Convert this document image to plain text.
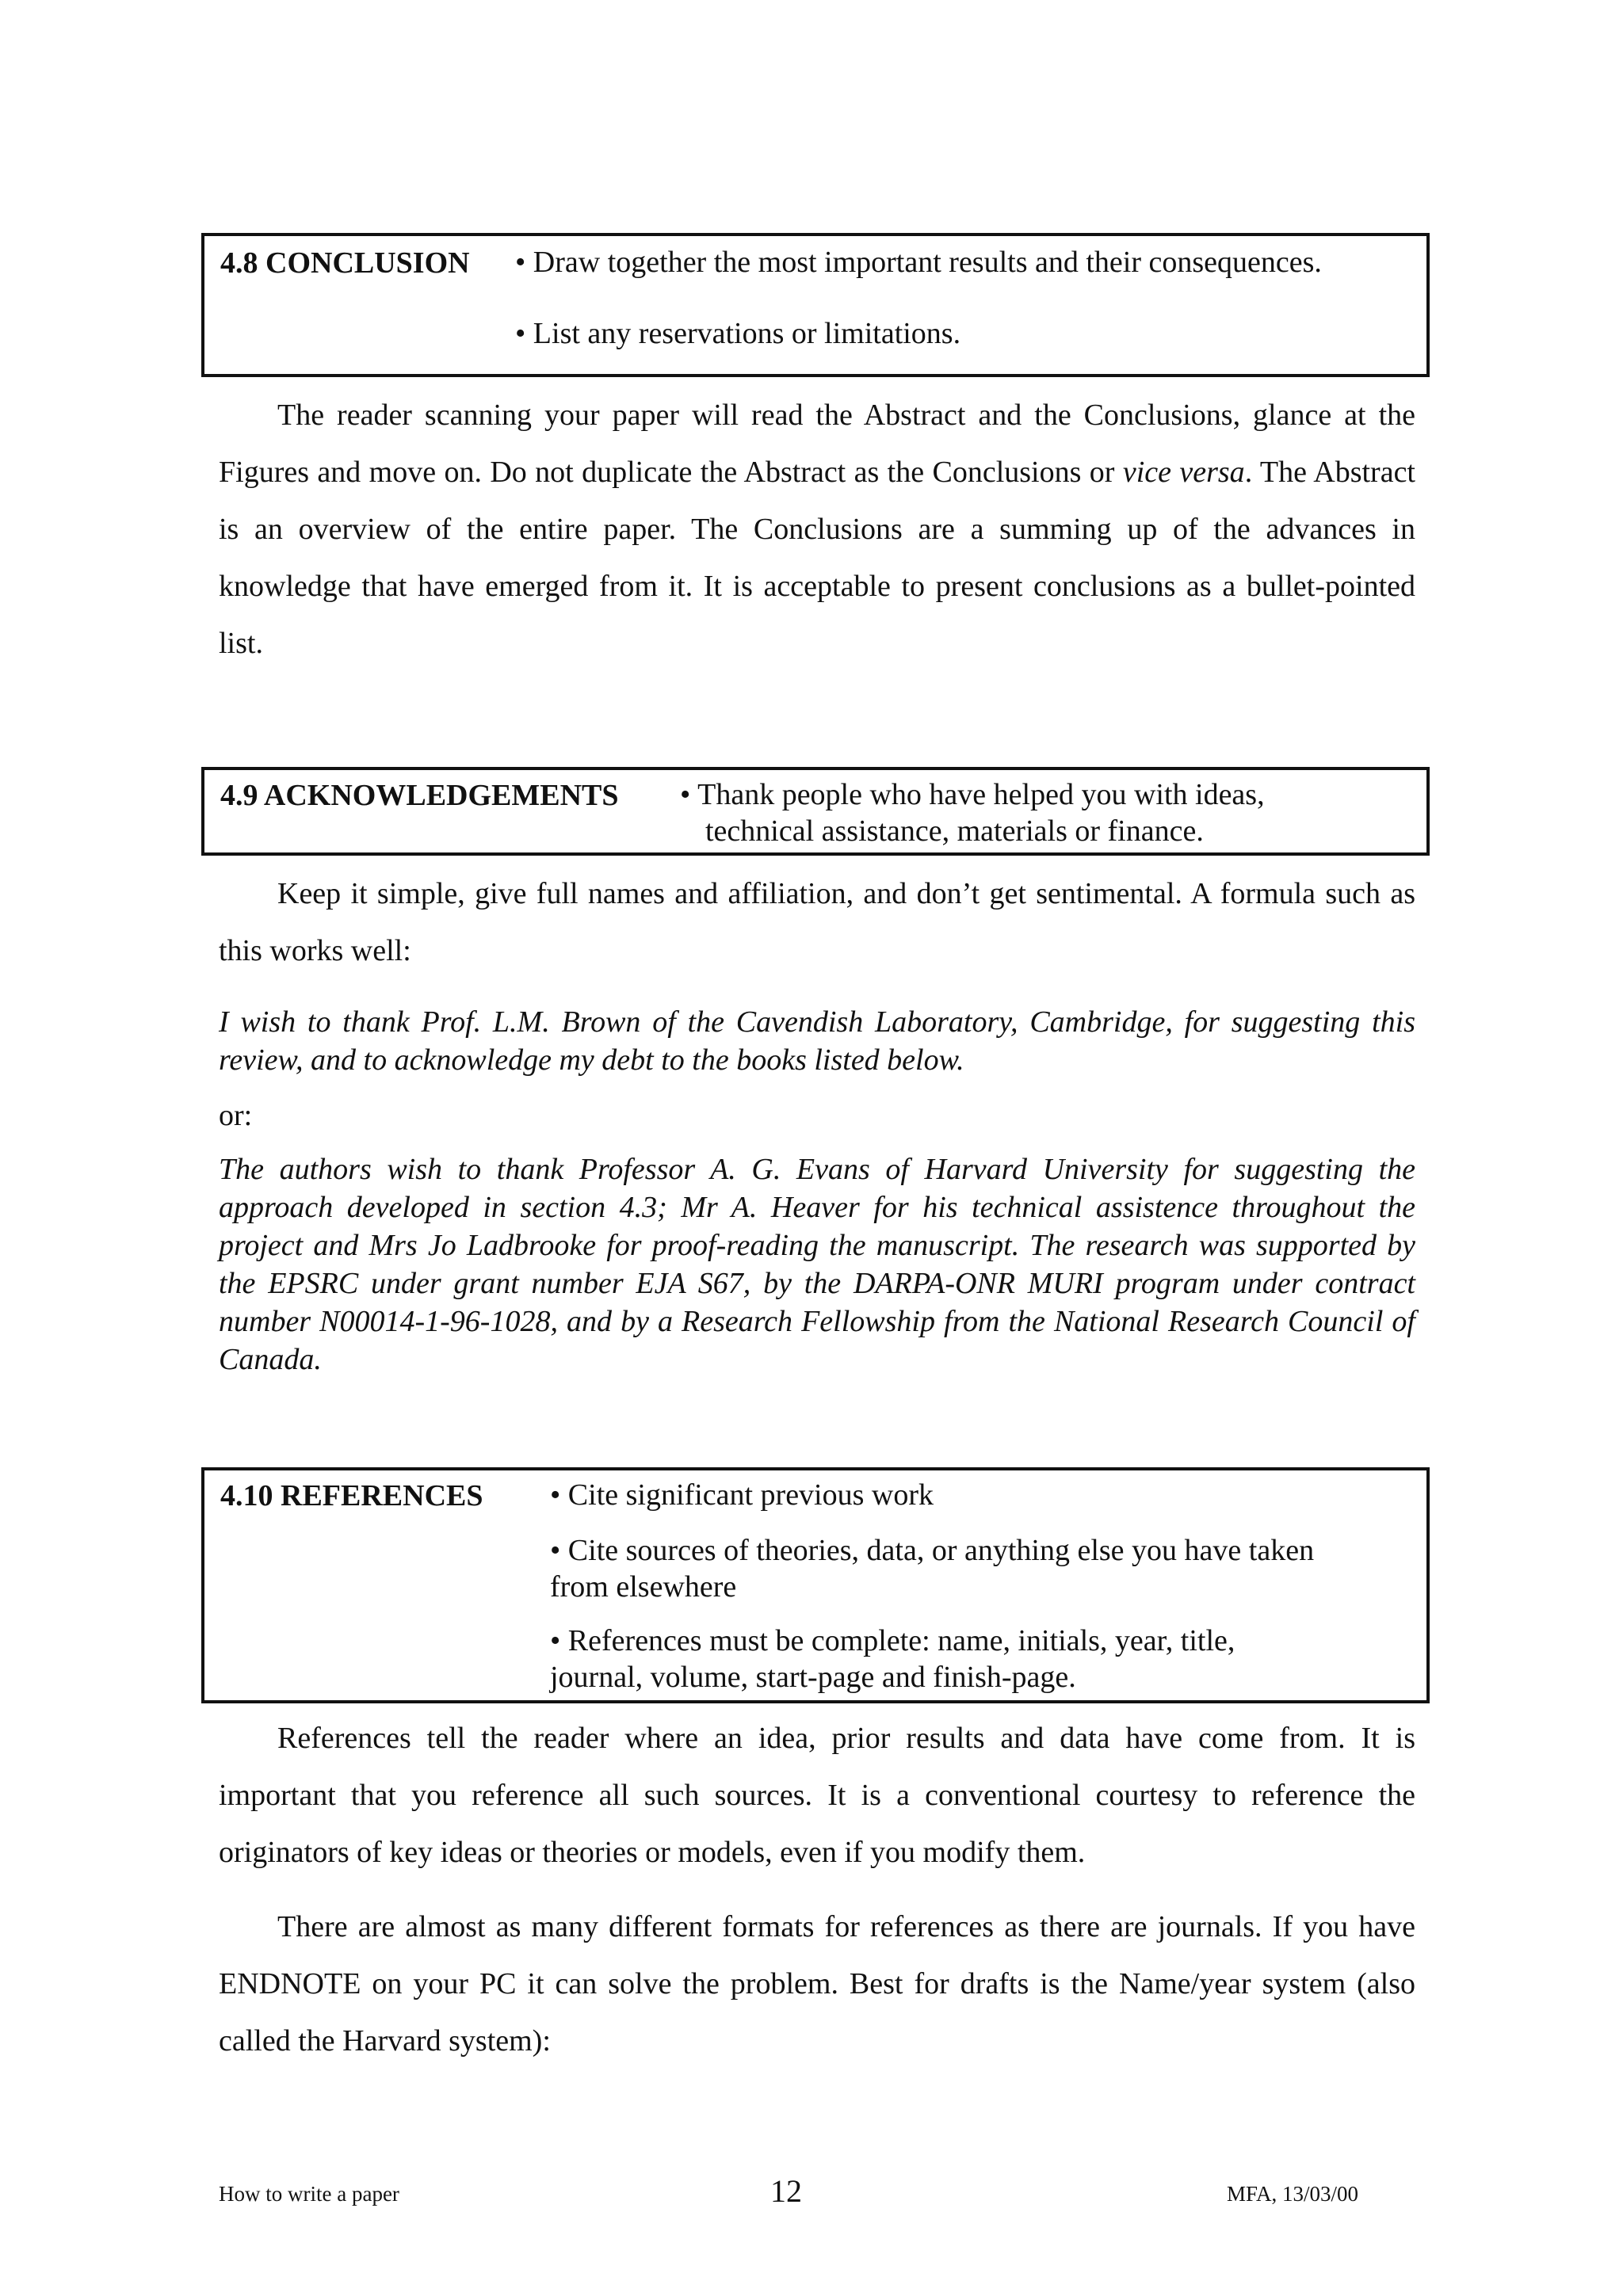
4.8 CONCLUSION • Draw together the most important results and their consequences.
• List any reservations or limitations.

The reader scanning your paper will read the Abstract and the Conclusions, glance at the Figures and move on. Do not duplicate the Abstract as the Conclusions or vice versa. The Abstract is an overview of the entire paper. The Conclusions are a summing up of the advances in knowledge that have emerged from it. It is acceptable to present conclusions as a bullet-pointed list.

4.9 ACKNOWLEDGEMENTS • Thank people who have helped you with ideas,
technical assistance, materials or finance.

Keep it simple, give full names and affiliation, and don’t get sentimental. A formula such as this works well:

I wish to thank Prof. L.M. Brown of the Cavendish Laboratory, Cambridge, for suggesting this review, and to acknowledge my debt to the books listed below.

or:

The authors wish to thank Professor A. G. Evans of Harvard University for suggesting the approach developed in section 4.3; Mr A. Heaver for his technical assistence throughout the project and Mrs Jo Ladbrooke for proof-reading the manuscript. The research was supported by the EPSRC under grant number EJA S67, by the DARPA-ONR MURI program under contract number N00014-1-96-1028, and by a Research Fellowship from the National Research Council of Canada.

4.10 REFERENCES • Cite significant previous work
• Cite sources of theories, data, or anything else you have taken
from elsewhere
• References must be complete: name, initials, year, title,
journal, volume, start-page and finish-page.

References tell the reader where an idea, prior results and data have come from. It is important that you reference all such sources. It is a conventional courtesy to reference the originators of key ideas or theories or models, even if you modify them.

There are almost as many different formats for references as there are journals. If you have ENDNOTE on your PC it can solve the problem. Best for drafts is the Name/year system (also called the Harvard system):

How to write a paper	12	MFA, 13/03/00
